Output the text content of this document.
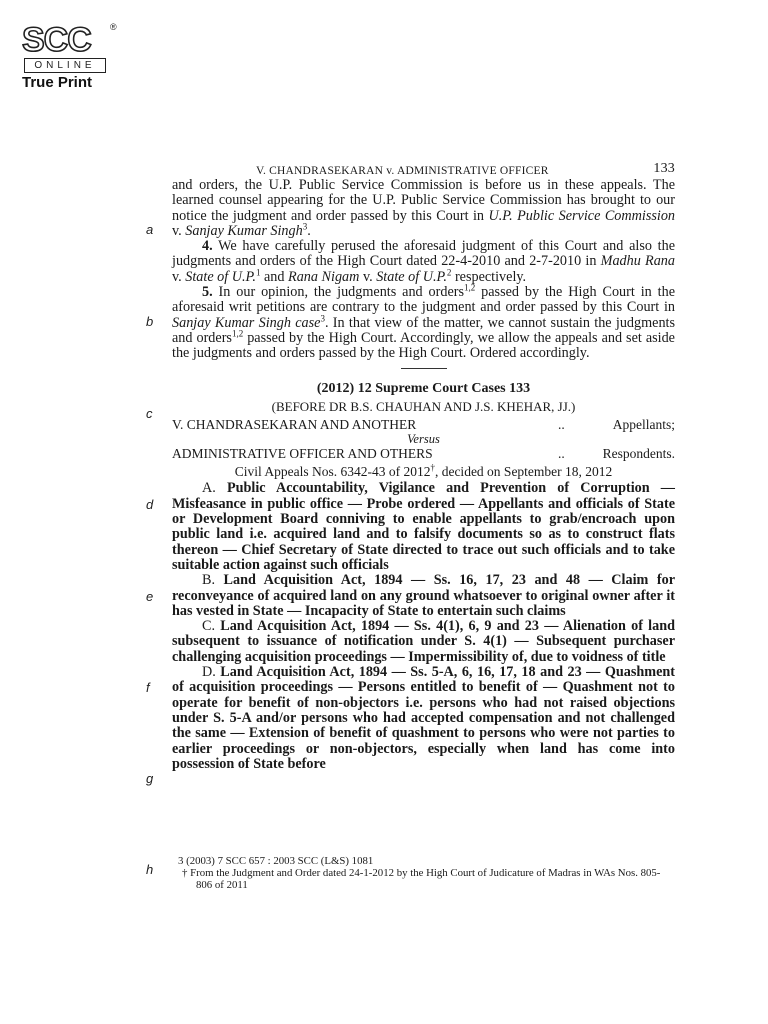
SCC ®
ONLINE
True Print
a
b
c
d
e
f
g
h
V. CHANDRASEKARAN v. ADMINISTRATIVE OFFICER	133

and orders, the U.P. Public Service Commission is before us in these appeals. The learned counsel appearing for the U.P. Public Service Commission has brought to our notice the judgment and order passed by this Court in U.P. Public Service Commission v. Sanjay Kumar Singh$^3$.

4. We have carefully perused the aforesaid judgment of this Court and also the judgments and orders of the High Court dated 22-4-2010 and 2-7-2010 in Madhu Rana v. State of U.P.$^1$ and Rana Nigam v. State of U.P.$^2$ respectively.

5. In our opinion, the judgments and orders$^{1,2}$ passed by the High Court in the aforesaid writ petitions are contrary to the judgment and order passed by this Court in Sanjay Kumar Singh case$^3$. In that view of the matter, we cannot sustain the judgments and orders$^{1,2}$ passed by the High Court. Accordingly, we allow the appeals and set aside the judgments and orders passed by the High Court. Ordered accordingly.

(2012) 12 Supreme Court Cases 133
(BEFORE DR B.S. CHAUHAN AND J.S. KHEHAR, JJ.)
V. CHANDRASEKARAN AND ANOTHER	..	Appellants;
Versus
ADMINISTRATIVE OFFICER AND OTHERS	..	Respondents.
Civil Appeals Nos. 6342-43 of 2012†, decided on September 18, 2012

A. Public Accountability, Vigilance and Prevention of Corruption — Misfeasance in public office — Probe ordered — Appellants and officials of State or Development Board conniving to enable appellants to grab/encroach upon public land i.e. acquired land and to falsify documents so as to construct flats thereon — Chief Secretary of State directed to trace out such officials and to take suitable action against such officials

B. Land Acquisition Act, 1894 — Ss. 16, 17, 23 and 48 — Claim for reconveyance of acquired land on any ground whatsoever to original owner after it has vested in State — Incapacity of State to entertain such claims

C. Land Acquisition Act, 1894 — Ss. 4(1), 6, 9 and 23 — Alienation of land subsequent to issuance of notification under S. 4(1) — Subsequent purchaser challenging acquisition proceedings — Impermissibility of, due to voidness of title

D. Land Acquisition Act, 1894 — Ss. 5-A, 6, 16, 17, 18 and 23 — Quashment of acquisition proceedings — Persons entitled to benefit of — Quashment not to operate for benefit of non-objectors i.e. persons who had not raised objections under S. 5-A and/or persons who had accepted compensation and not challenged the same — Extension of benefit of quashment to persons who were not parties to earlier proceedings or non-objectors, especially when land has come into possession of State before

3 (2003) 7 SCC 657 : 2003 SCC (L&S) 1081
† From the Judgment and Order dated 24-1-2012 by the High Court of Judicature of Madras in WAs Nos. 805-806 of 2011
